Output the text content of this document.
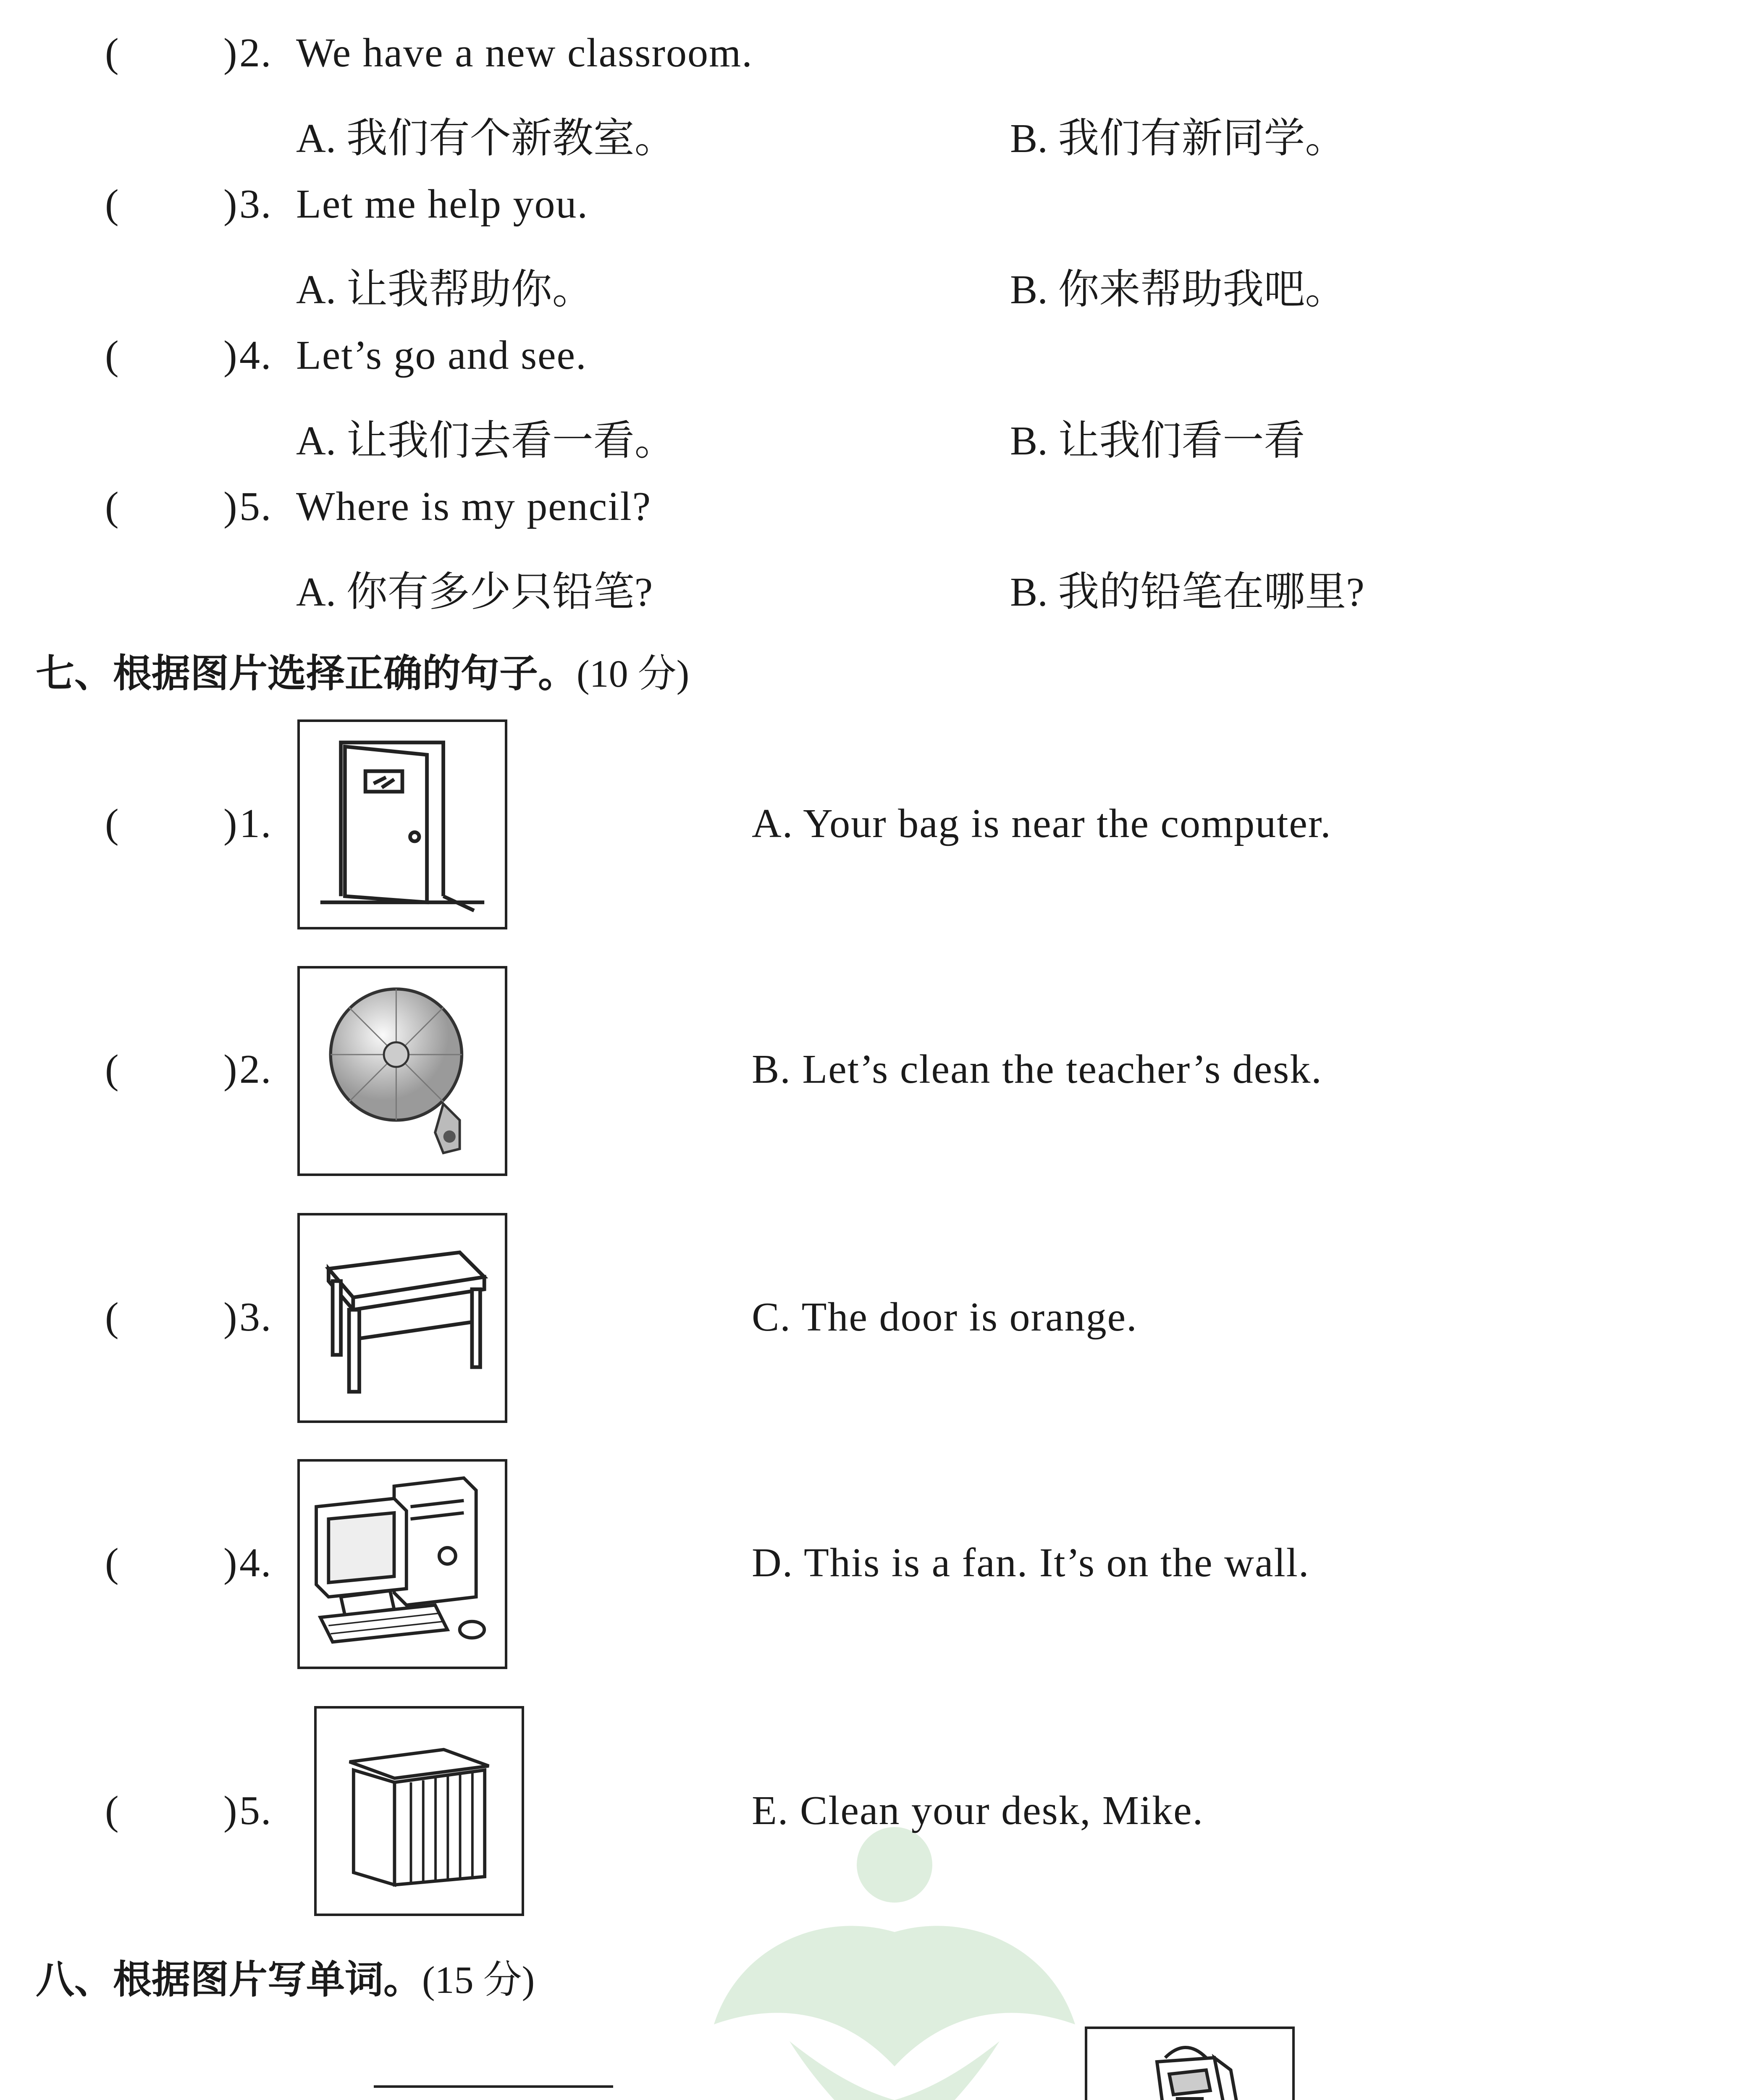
(	) 2. We have a new classroom.
A. 我们有个新教室。	B. 我们有新同学。
(	) 3. Let me help you.
A. 让我帮助你。	B. 你来帮助我吧。
(	) 4. Let’s go and see.
A. 让我们去看一看。	B. 让我们看一看
(	) 5. Where is my pencil?
A. 你有多少只铅笔?	B. 我的铅笔在哪里?
七、根据图片选择正确的句子。(10 分)
(	) 1.	A. Your bag is near the computer.
(	) 2.	B. Let’s clean the teacher’s desk.
(	) 3.	C. The door is orange.
(	) 4.	D. This is a fan. It’s on the wall.
(	) 5.	E. Clean your desk, Mike.
八、根据图片写单词。(15 分)
